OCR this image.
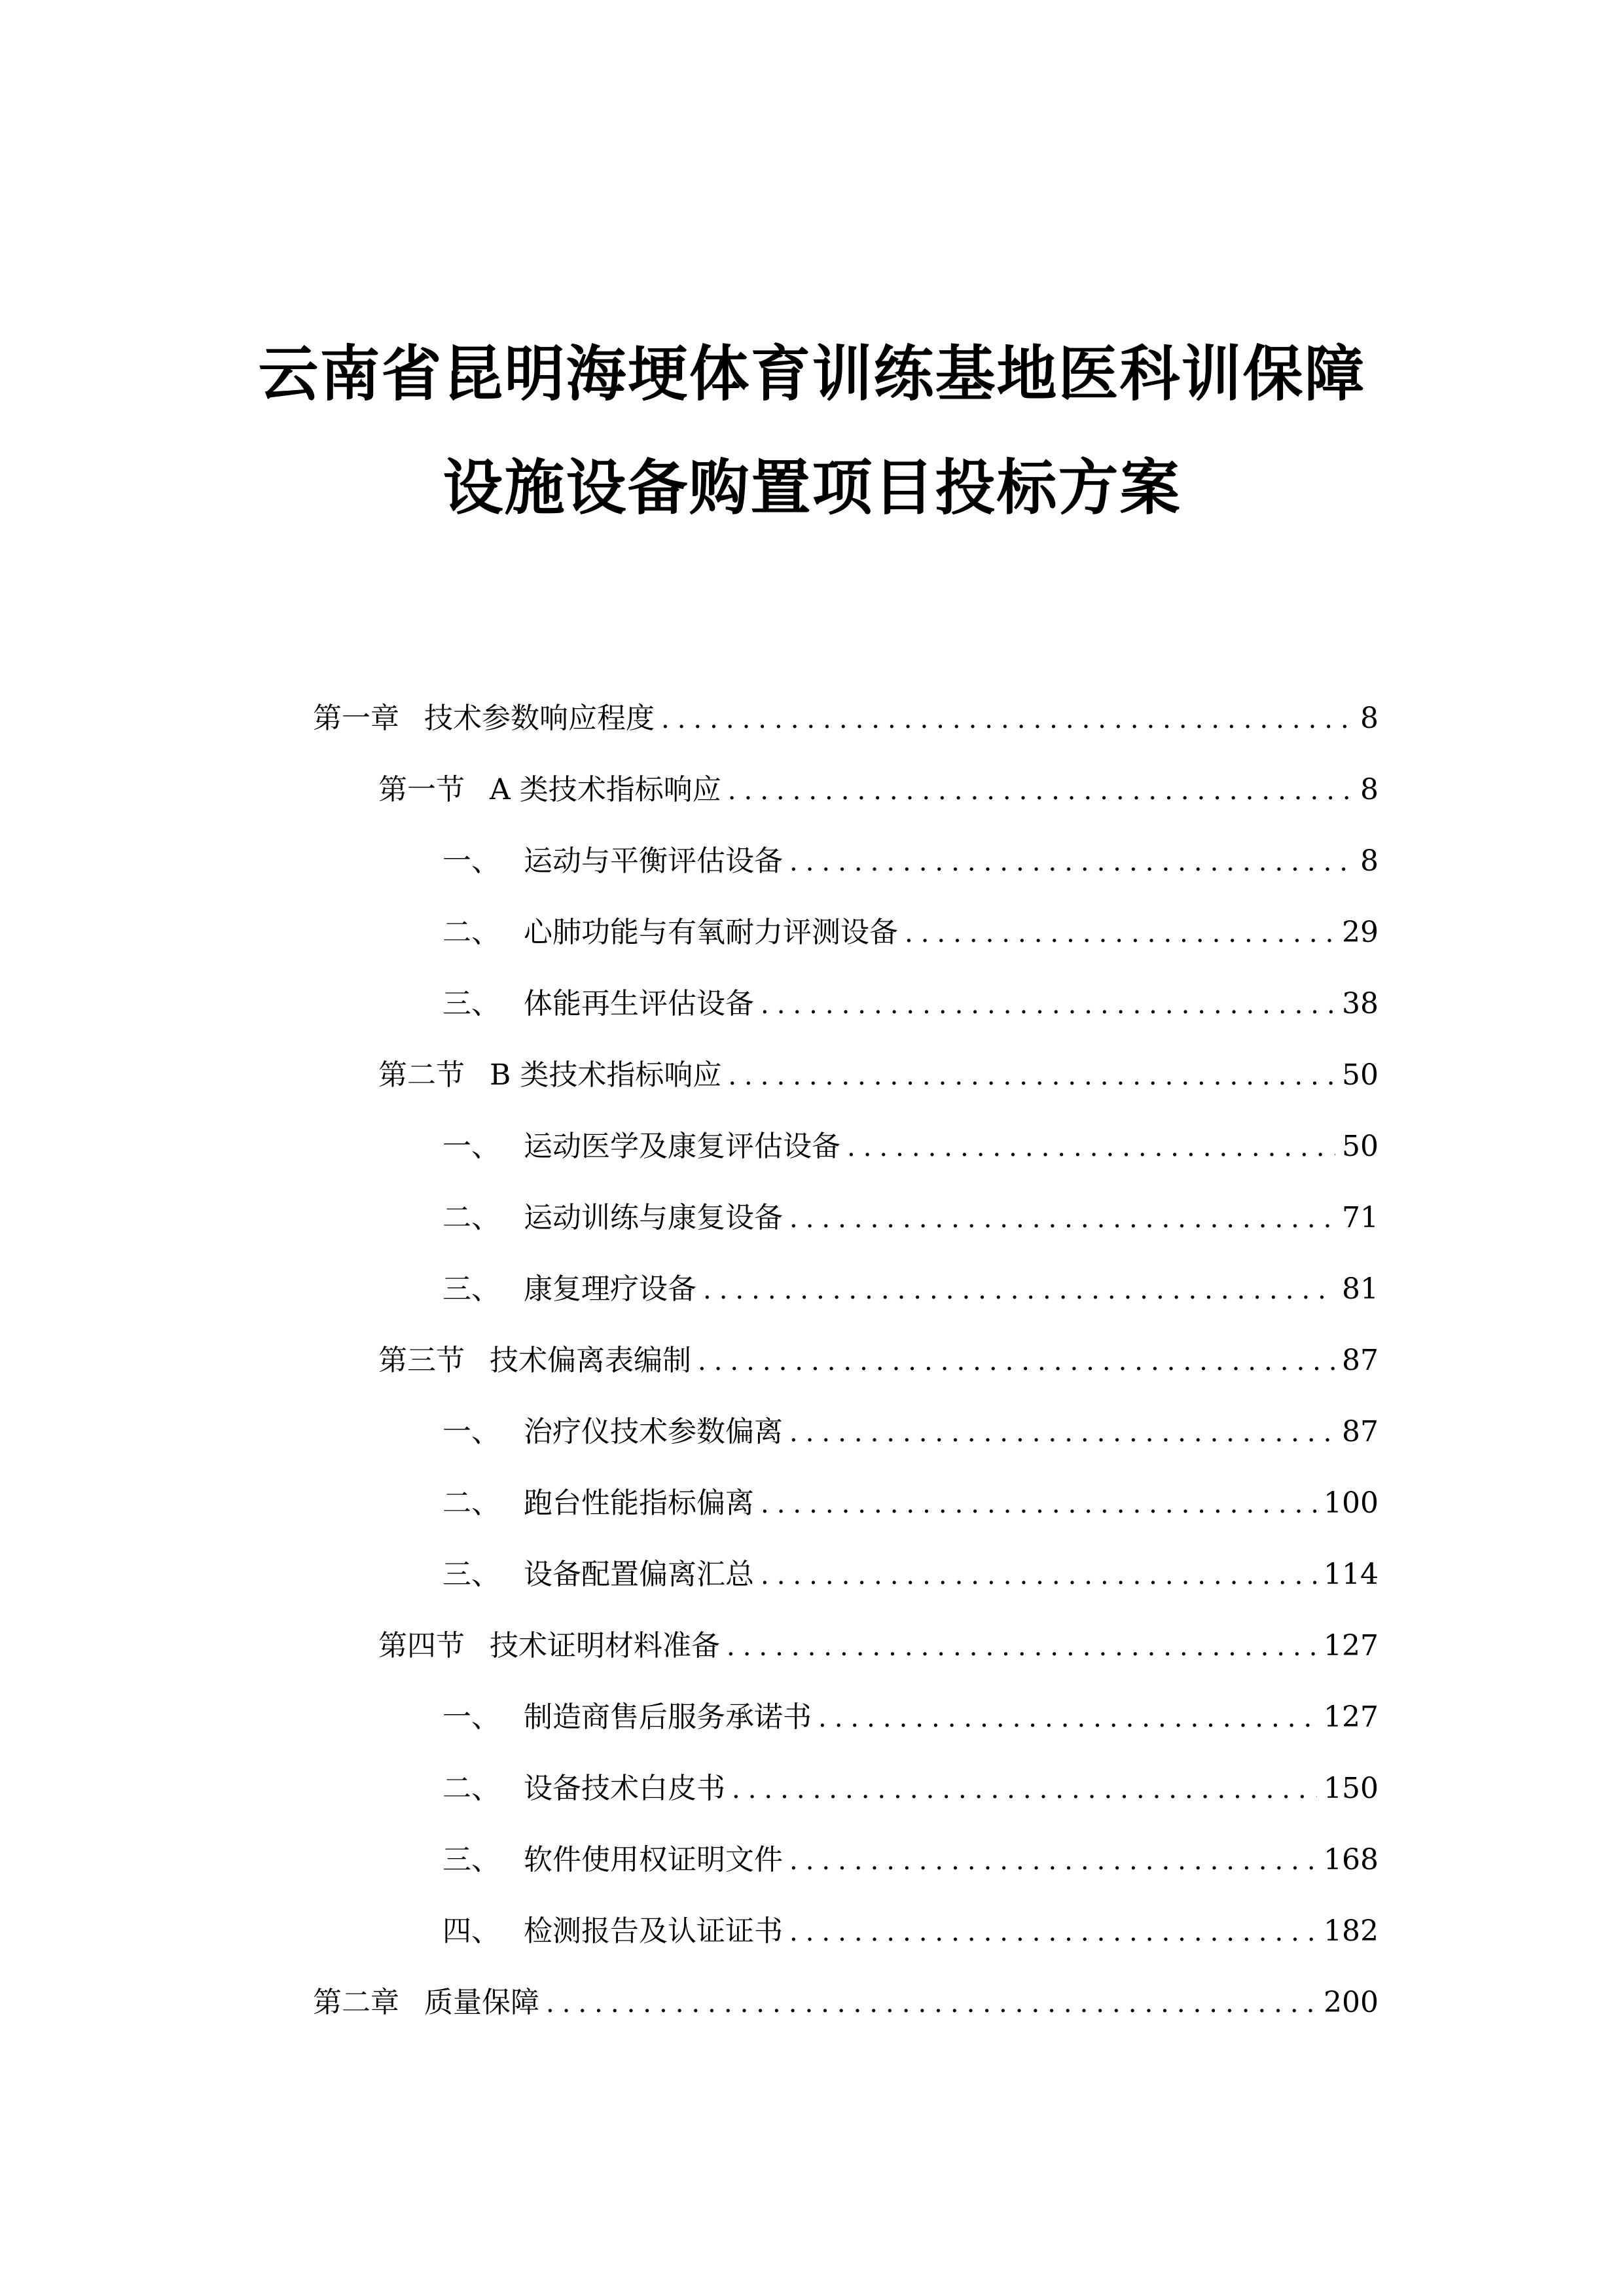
云南省昆明海埂体育训练基地医科训保障
设施设备购置项目投标方案
第一章 技术参数响应程度 .....	8
第一节 A 类技术指标响应 .....	8
一、 运动与平衡评估设备 .....	8
二、 心肺功能与有氧耐力评测设备 .....	29
三、 体能再生评估设备 .....	38
第二节 B 类技术指标响应 .....	50
一、 运动医学及康复评估设备 .....	50
二、 运动训练与康复设备 .....	71
三、 康复理疗设备 .....	81
第三节 技术偏离表编制 .....	87
一、 治疗仪技术参数偏离 .....	87
二、 跑台性能指标偏离 .....	100
三、 设备配置偏离汇总 .....	114
第四节 技术证明材料准备 .....	127
一、 制造商售后服务承诺书 .....	127
二、 设备技术白皮书 .....	150
三、 软件使用权证明文件 .....	168
四、 检测报告及认证证书 .....	182
第二章 质量保障 .....	200
